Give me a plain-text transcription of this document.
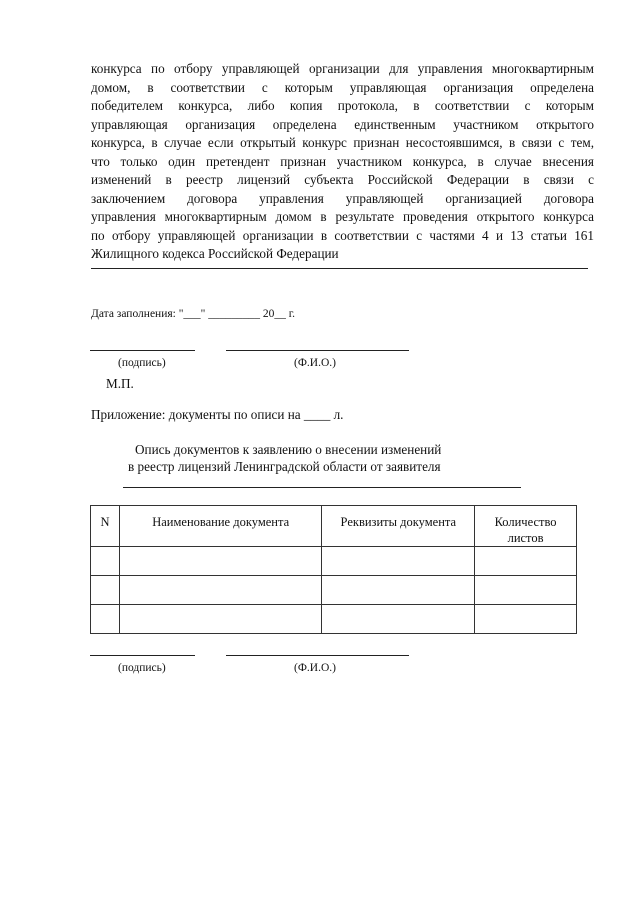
конкурса по отбору управляющей организации для управления многоквартирным
домом, в соответствии с которым управляющая организация определена
победителем конкурса, либо копия протокола, в соответствии с которым
управляющая организация определена единственным участником открытого
конкурса, в случае если открытый конкурс признан несостоявшимся, в связи с тем,
что только один претендент признан участником конкурса, в случае внесения
изменений в реестр лицензий субъекта Российской Федерации в связи с
заключением договора управления управляющей организацией договора
управления многоквартирным домом в результате проведения открытого конкурса
по отбору управляющей организации в соответствии с частями 4 и 13 статьи 161
Жилищного кодекса Российской Федерации
Дата заполнения: "___" _________ 20__ г.
(подпись)	(Ф.И.О.)
М.П.
Приложение: документы по описи на ____ л.
Опись документов к заявлению о внесении изменений
в реестр лицензий Ленинградской области от заявителя
N	Наименование документа	Реквизиты документа	Количество
листов

(подпись)	(Ф.И.О.)
